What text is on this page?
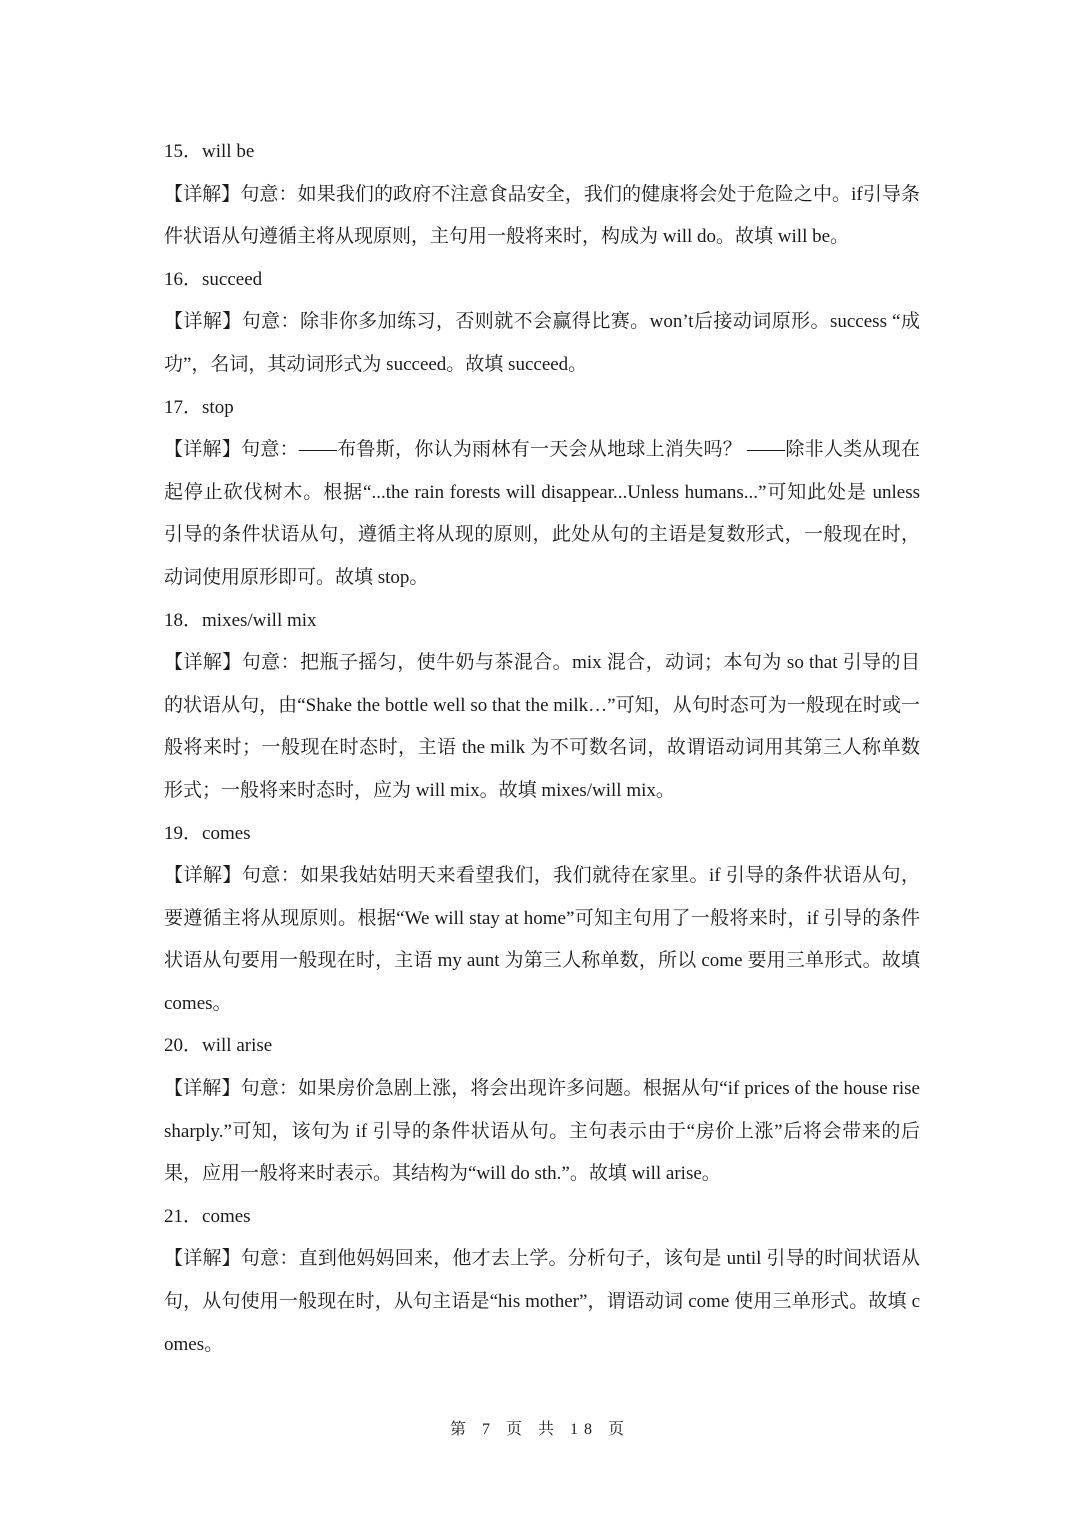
15．will be
【详解】句意：如果我们的政府不注意食品安全，我们的健康将会处于危险之中。if引导条件状语从句遵循主将从现原则，主句用一般将来时，构成为 will do。故填 will be。
16．succeed
【详解】句意：除非你多加练习，否则就不会赢得比赛。won’t后接动词原形。success “成功”，名词，其动词形式为 succeed。故填 succeed。
17．stop
【详解】句意：——布鲁斯，你认为雨林有一天会从地球上消失吗？ ——除非人类从现在起停止砍伐树木。根据“...the rain forests will disappear...Unless humans...”可知此处是 unless 引导的条件状语从句，遵循主将从现的原则，此处从句的主语是复数形式，一般现在时，动词使用原形即可。故填 stop。
18．mixes/will mix
【详解】句意：把瓶子摇匀，使牛奶与茶混合。mix 混合，动词；本句为 so that 引导的目的状语从句，由“Shake the bottle well so that the milk…”可知，从句时态可为一般现在时或一般将来时；一般现在时态时，主语 the milk 为不可数名词，故谓语动词用其第三人称单数形式；一般将来时态时，应为 will mix。故填 mixes/will mix。
19．comes
【详解】句意：如果我姑姑明天来看望我们，我们就待在家里。if 引导的条件状语从句，要遵循主将从现原则。根据“We will stay at home”可知主句用了一般将来时，if 引导的条件状语从句要用一般现在时，主语 my aunt 为第三人称单数，所以 come 要用三单形式。故填 comes。
20．will arise
【详解】句意：如果房价急剧上涨，将会出现许多问题。根据从句“if prices of the house rise sharply.”可知，该句为 if 引导的条件状语从句。主句表示由于“房价上涨”后将会带来的后果，应用一般将来时表示。其结构为“will do sth.”。故填 will arise。
21．comes
【详解】句意：直到他妈妈回来，他才去上学。分析句子，该句是 until 引导的时间状语从句，从句使用一般现在时，从句主语是“his mother”，谓语动词 come 使用三单形式。故填 comes。
第 7 页 共 18 页
